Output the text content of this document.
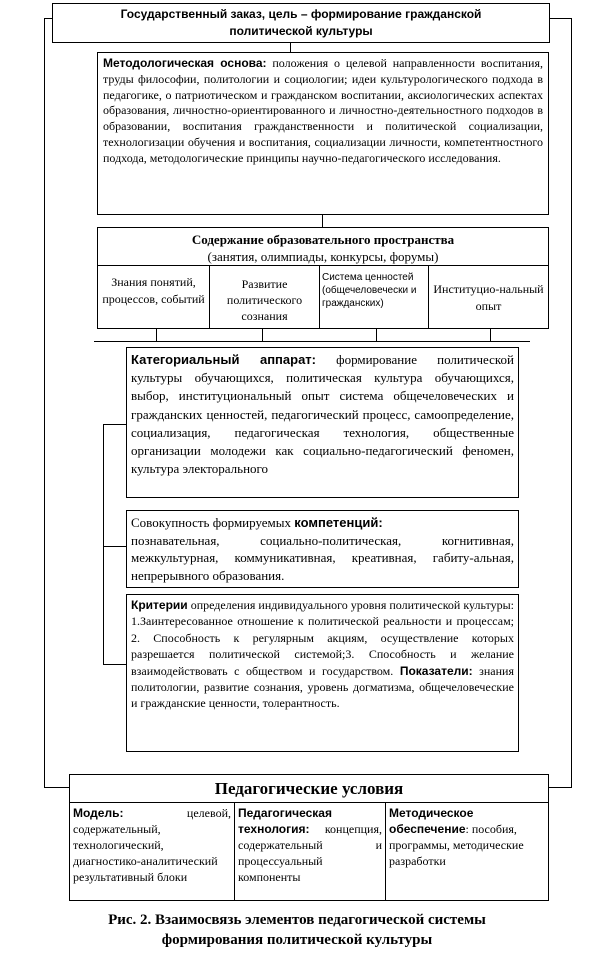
Государственный заказ, цель – формирование гражданской
политической культуры
Методологическая основа: положения о целевой направленности воспитания, труды философии, политологии и социологии; идеи культурологического подхода в педагогике, о патриотическом и гражданском воспитании, аксиологических аспектах образования, личностно-ориентированного и личностно-деятельностного подходов в образовании, воспитания гражданственности и политической социализации, технологизации обучения и воспитания, социализации личности, компетентностного подхода, методологические принципы научно-педагогического исследования.
Содержание образовательного пространства
(занятия, олимпиады, конкурсы, форумы)
Знания понятий, процессов, событий
Развитие политического сознания
Система ценностей (общечеловечески и гражданских)
Институцио-нальный опыт
Категориальный аппарат: формирование политической культуры обучающихся, политическая культура обучающихся, выбор, институциональный опыт система общечеловеческих и гражданских ценностей, педагогический процесс, самоопределение, социализация, педагогическая технология, общественные организации молодежи как социально-педагогический феномен, культура электорального
Совокупность формируемых компетенций:
познавательная, социально-политическая, когнитивная, межкультурная, коммуникативная, креативная, габиту-альная, непрерывного образования.
Критерии определения индивидуального уровня политической культуры: 1.Заинтересованное отношение к политической реальности и процессам; 2. Способность к регулярным акциям, осуществление которых разрешается политической системой;3. Способность и желание взаимодействовать с обществом и государством. Показатели: знания политологии, развитие сознания, уровень догматизма, общечеловеческие и гражданские ценности, толерантность.
Педагогические условия
Модель: целевой, содержательный, технологический, диагностико-аналитический результативный блоки
Педагогическая технология: концепция, содержательный и процессуальный компоненты
Методическое обеспечение: пособия, программы, методические разработки
Рис. 2. Взаимосвязь элементов педагогической системы
формирования политической культуры
